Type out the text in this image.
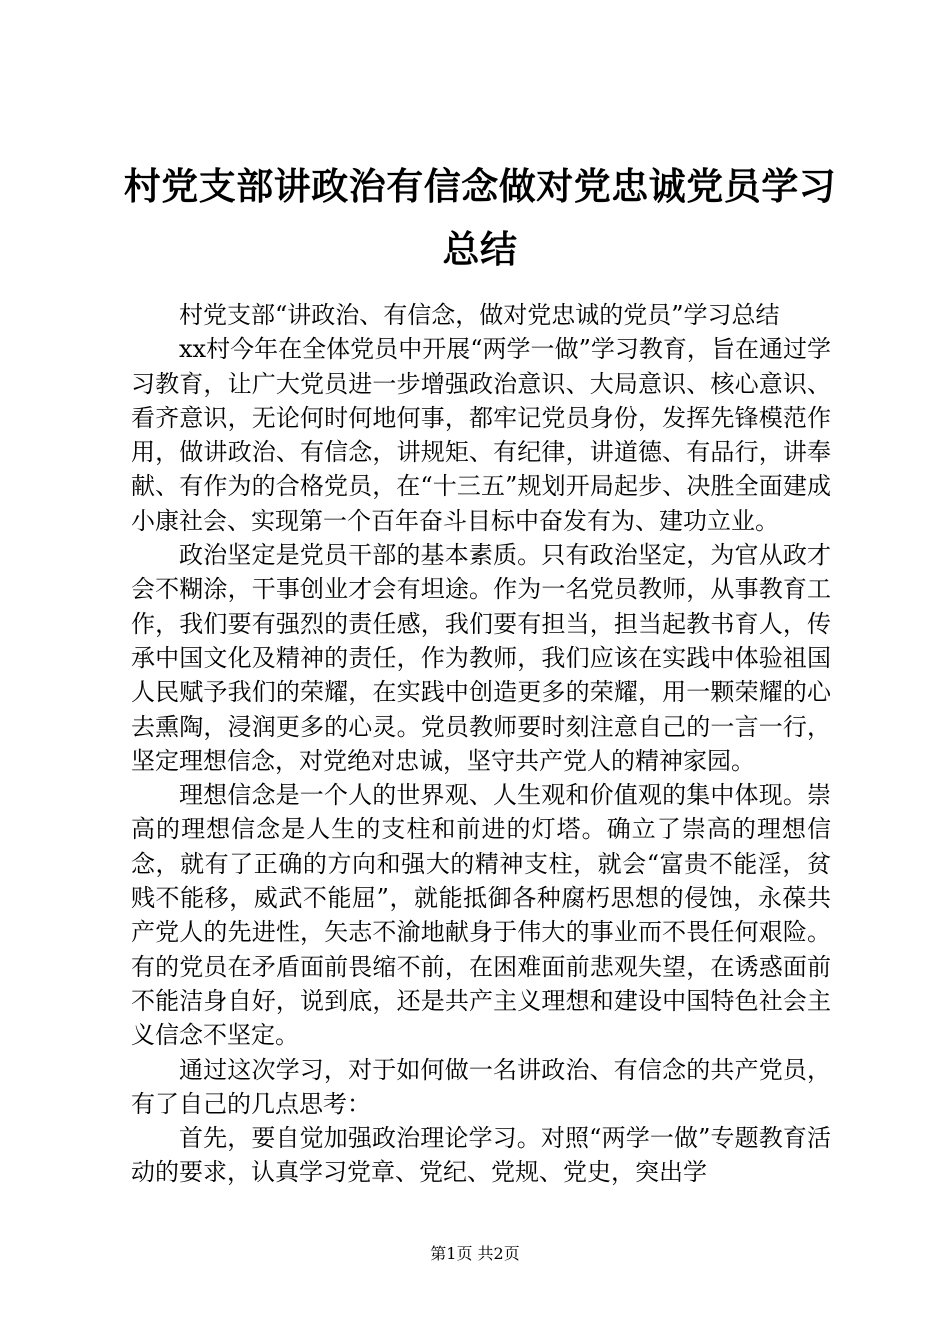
村党支部讲政治有信念做对党忠诚党员学习总结

村党支部“讲政治、有信念，做对党忠诚的党员”学习总结

xx村今年在全体党员中开展“两学一做”学习教育，旨在通过学习教育，让广大党员进一步增强政治意识、大局意识、核心意识、看齐意识，无论何时何地何事，都牢记党员身份，发挥先锋模范作用，做讲政治、有信念，讲规矩、有纪律，讲道德、有品行，讲奉献、有作为的合格党员，在“十三五”规划开局起步、决胜全面建成小康社会、实现第一个百年奋斗目标中奋发有为、建功立业。

政治坚定是党员干部的基本素质。只有政治坚定，为官从政才会不糊涂，干事创业才会有坦途。作为一名党员教师，从事教育工作，我们要有强烈的责任感，我们要有担当，担当起教书育人，传承中国文化及精神的责任，作为教师，我们应该在实践中体验祖国人民赋予我们的荣耀，在实践中创造更多的荣耀，用一颗荣耀的心去熏陶，浸润更多的心灵。党员教师要时刻注意自己的一言一行，坚定理想信念，对党绝对忠诚，坚守共产党人的精神家园。

理想信念是一个人的世界观、人生观和价值观的集中体现。崇高的理想信念是人生的支柱和前进的灯塔。确立了崇高的理想信念，就有了正确的方向和强大的精神支柱，就会“富贵不能淫，贫贱不能移，威武不能屈”，就能抵御各种腐朽思想的侵蚀，永葆共产党人的先进性，矢志不渝地献身于伟大的事业而不畏任何艰险。有的党员在矛盾面前畏缩不前，在困难面前悲观失望，在诱惑面前不能洁身自好，说到底，还是共产主义理想和建设中国特色社会主义信念不坚定。

通过这次学习，对于如何做一名讲政治、有信念的共产党员，有了自己的几点思考：

首先，要自觉加强政治理论学习。对照“两学一做”专题教育活动的要求，认真学习党章、党纪、党规、党史，突出学

第1页 共2页
